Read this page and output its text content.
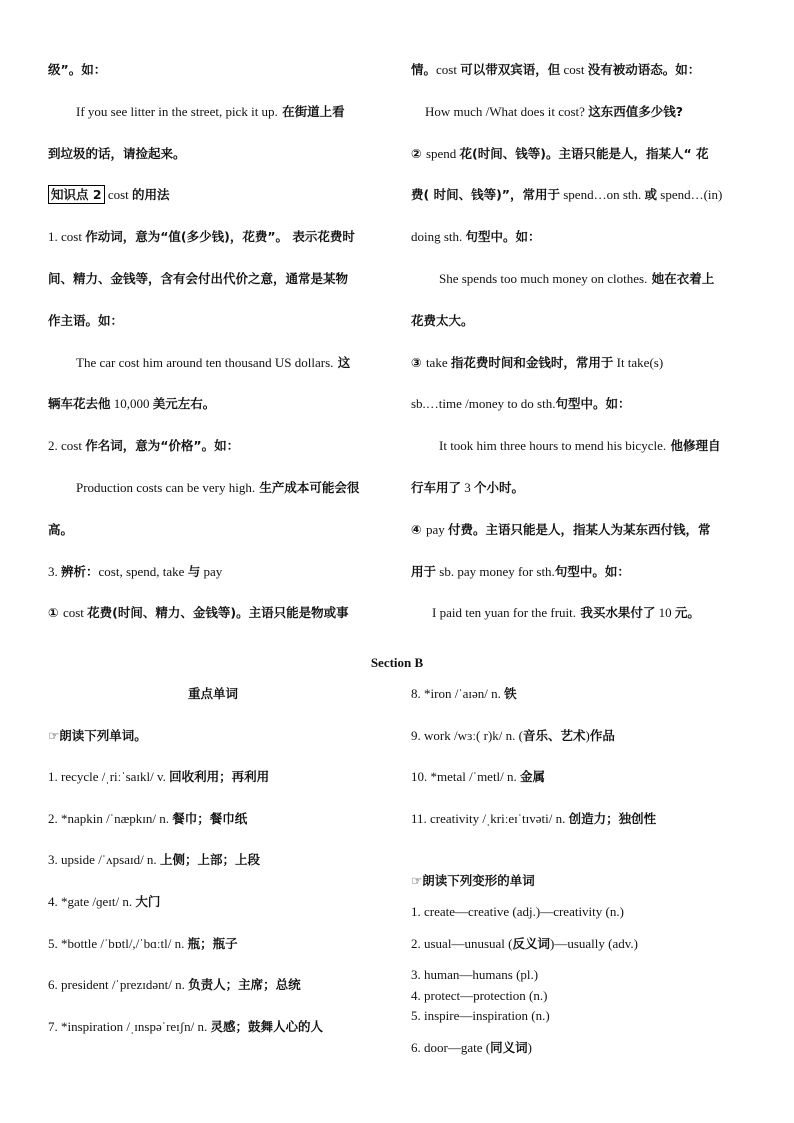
级”。如：
If you see litter in the street, pick it up. 在街道上看
到垃圾的话，请捡起来。
知识点 2 cost 的用法
1. cost 作动词，意为“值(多少钱)，花费”。 表示花费时
间、精力、金钱等，含有会付出代价之意，通常是某物
作主语。如：
The car cost him around ten thousand US dollars. 这
辆车花去他 10,000 美元左右。
2. cost 作名词，意为“价格”。如：
Production costs can be very high. 生产成本可能会很
高。
3. 辨析：cost, spend, take 与 pay
① cost 花费(时间、精力、金钱等)。主语只能是物或事
情。cost 可以带双宾语，但 cost 没有被动语态。如：
How much /What does it cost? 这东西值多少钱?
② spend 花(时间、钱等)。主语只能是人，指某人“ 花
费( 时间、钱等)”，常用于 spend…on sth. 或 spend…(in)
doing sth. 句型中。如：
She spends too much money on clothes. 她在衣着上
花费太大。
③ take 指花费时间和金钱时，常用于 It take(s)
sb.…time /money to do sth.句型中。如：
It took him three hours to mend his bicycle. 他修理自
行车用了 3 个小时。
④ pay 付费。主语只能是人，指某人为某东西付钱，常
用于 sb. pay money for sth.句型中。如：
I paid ten yuan for the fruit. 我买水果付了 10 元。
Section B
重点单词
☞朗读下列单词。
1. recycle /ˌriːˈsaɪkl/ v. 回收利用；再利用
2. *napkin /ˈnæpkɪn/ n. 餐巾；餐巾纸
3. upside /ˈʌpsaɪd/ n. 上侧；上部；上段
4. *gate /ɡeɪt/ n. 大门
5. *bottle /ˈbɒtl/,/ˈbɑːtl/ n. 瓶；瓶子
6. president /ˈprezɪdənt/ n. 负责人；主席；总统
7. *inspiration /ˌɪnspəˈreɪʃn/ n. 灵感；鼓舞人心的人
8. *iron /ˈaɪən/ n. 铁
9. work /wɜː( r)k/ n. (音乐、艺术)作品
10. *metal /ˈmetl/ n. 金属
11. creativity /ˌkriːeɪˈtɪvəti/ n. 创造力；独创性
☞朗读下列变形的单词
1. create—creative (adj.)—creativity (n.)
2. usual—unusual (反义词)—usually (adv.)
3. human—humans (pl.)
4. protect—protection (n.)
5. inspire—inspiration (n.)
6. door—gate (同义词)
